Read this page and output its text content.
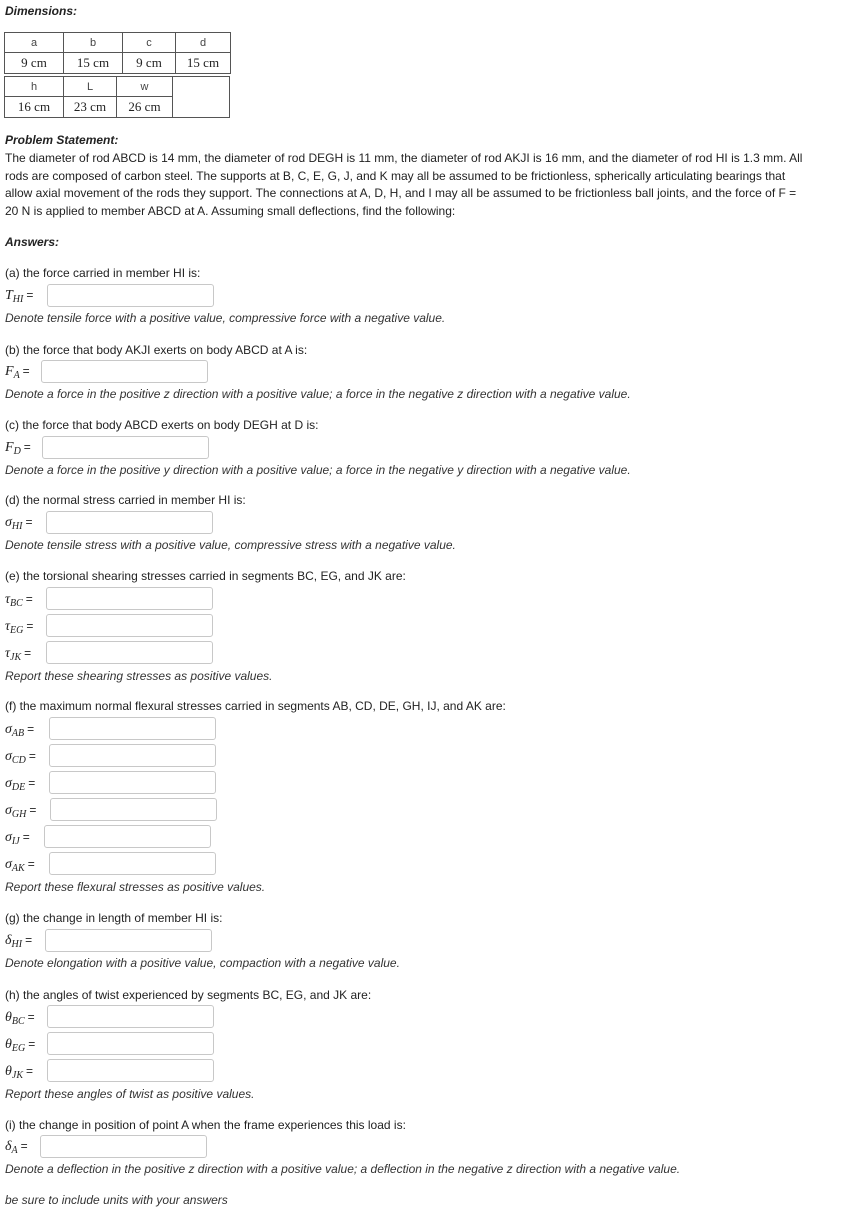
Dimensions:
a	b	c	d
9 cm	15 cm	9 cm	15 cm
h	L	w	
16 cm	23 cm	26 cm	
Problem Statement:
The diameter of rod ABCD is 14 mm, the diameter of rod DEGH is 11 mm, the diameter of rod AKJI is 16 mm, and the diameter of rod HI is 1.3 mm. All
rods are composed of carbon steel. The supports at B, C, E, G, J, and K may all be assumed to be frictionless, spherically articulating bearings that
allow axial movement of the rods they support. The connections at A, D, H, and I may all be assumed to be frictionless ball joints, and the force of F =
20 N is applied to member ABCD at A. Assuming small deflections, find the following:
Answers:
(a) the force carried in member HI is:
$T_{HI}$ =
Denote tensile force with a positive value, compressive force with a negative value.
(b) the force that body AKJI exerts on body ABCD at A is:
$F_A$ =
Denote a force in the positive z direction with a positive value; a force in the negative z direction with a negative value.
(c) the force that body ABCD exerts on body DEGH at D is:
$F_D$ =
Denote a force in the positive y direction with a positive value; a force in the negative y direction with a negative value.
(d) the normal stress carried in member HI is:
$\sigma_{HI}$ =
Denote tensile stress with a positive value, compressive stress with a negative value.
(e) the torsional shearing stresses carried in segments BC, EG, and JK are:
$\tau_{BC}$ =
$\tau_{EG}$ =
$\tau_{JK}$ =
Report these shearing stresses as positive values.
(f) the maximum normal flexural stresses carried in segments AB, CD, DE, GH, IJ, and AK are:
$\sigma_{AB}$ =
$\sigma_{CD}$ =
$\sigma_{DE}$ =
$\sigma_{GH}$ =
$\sigma_{IJ}$ =
$\sigma_{AK}$ =
Report these flexural stresses as positive values.
(g) the change in length of member HI is:
$\delta_{HI}$ =
Denote elongation with a positive value, compaction with a negative value.
(h) the angles of twist experienced by segments BC, EG, and JK are:
$\theta_{BC}$ =
$\theta_{EG}$ =
$\theta_{JK}$ =
Report these angles of twist as positive values.
(i) the change in position of point A when the frame experiences this load is:
$\delta_A$ =
Denote a deflection in the positive z direction with a positive value; a deflection in the negative z direction with a negative value.
be sure to include units with your answers
